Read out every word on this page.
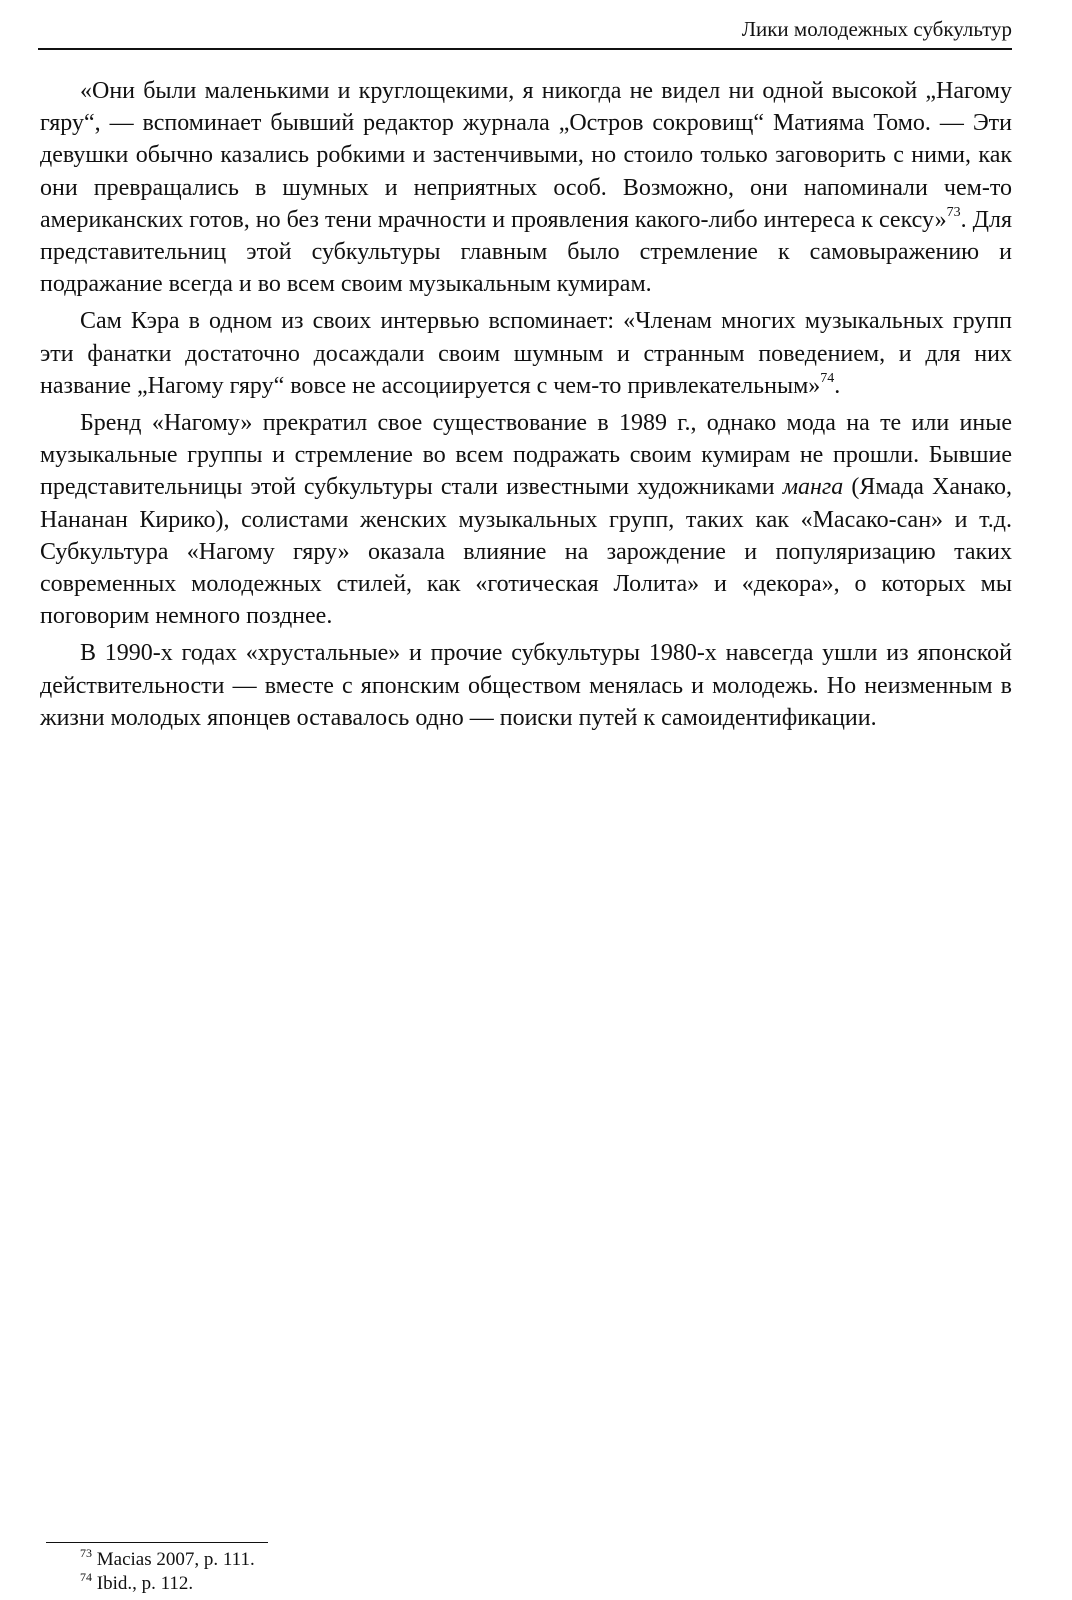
Лики молодежных субкультур

«Они были маленькими и круглощекими, я никогда не видел ни одной высокой „Нагому гяру“, — вспоминает бывший редактор журнала „Остров сокровищ“ Матияма Томо. — Эти девушки обычно казались робкими и застенчивыми, но стоило только заговорить с ними, как они превращались в шумных и неприятных особ. Возможно, они напоминали чем-то американских готов, но без тени мрачности и проявления какого-либо интереса к сексу»$^{73}$. Для представительниц этой субкультуры главным было стремление к самовыражению и подражание всегда и во всем своим музыкальным кумирам.

Сам Кэра в одном из своих интервью вспоминает: «Членам многих музыкальных групп эти фанатки достаточно досаждали своим шумным и странным поведением, и для них название „Нагому гяру“ вовсе не ассоциируется с чем-то привлекательным»$^{74}$.

Бренд «Нагому» прекратил свое существование в 1989 г., однако мода на те или иные музыкальные группы и стремление во всем подражать своим кумирам не прошли. Бывшие представительницы этой субкультуры стали известными художниками манга (Ямада Ханако, Нананан Кирико), солистами женских музыкальных групп, таких как «Масако-сан» и т.д. Субкультура «Нагому гяру» оказала влияние на зарождение и популяризацию таких современных молодежных стилей, как «готическая Лолита» и «декора», о которых мы поговорим немного позднее.

В 1990-х годах «хрустальные» и прочие субкультуры 1980-х навсегда ушли из японской действительности — вместе с японским обществом менялась и молодежь. Но неизменным в жизни молодых японцев оставалось одно — поиски путей к самоидентификации.

$^{73}$ Macias 2007, p. 111.
$^{74}$ Ibid., p. 112.
